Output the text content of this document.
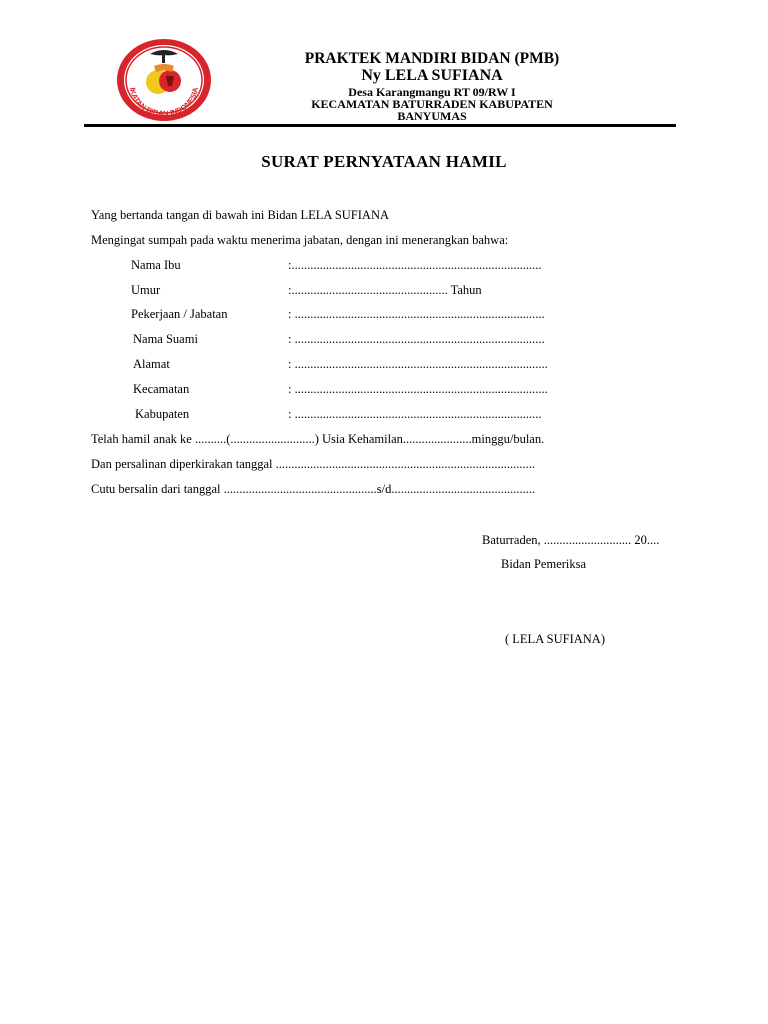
IKATAN BIDAN INDONESIA
PRAKTEK MANDIRI BIDAN (PMB)
Ny LELA SUFIANA
Desa Karangmangu RT 09/RW I
KECAMATAN BATURRADEN KABUPATEN
BANYUMAS
SURAT PERNYATAAN HAMIL
Yang bertanda tangan di bawah ini Bidan LELA SUFIANA
Mengingat sumpah pada waktu menerima jabatan, dengan ini menerangkan bahwa:
Nama Ibu	:................................................................................
Umur	:.................................................. Tahun
Pekerjaan / Jabatan	: ................................................................................
Nama Suami	: ................................................................................
Alamat	: .................................................................................
Kecamatan	: .................................................................................
Kabupaten	: ...............................................................................
Telah hamil anak ke ..........(...........................) Usia Kehamilan......................minggu/bulan.
Dan persalinan diperkirakan tanggal ...................................................................................
Cutu bersalin dari tanggal .................................................s/d..............................................
Baturraden, ............................ 20....
Bidan Pemeriksa
( LELA SUFIANA)
